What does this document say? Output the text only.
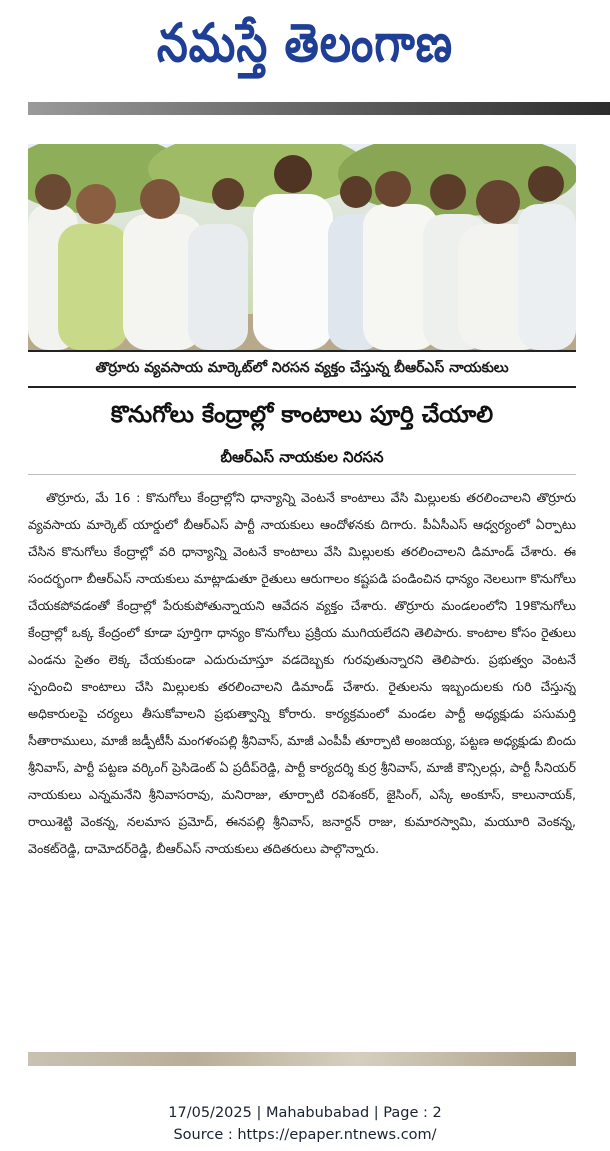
నమస్తే తెలంగాణ
తొర్రూరు వ్యవసాయ మార్కెట్‌లో నిరసన వ్యక్తం చేస్తున్న బీఆర్‌ఎస్‌ నాయకులు
కొనుగోలు కేంద్రాల్లో కాంటాలు పూర్తి చేయాలి
బీఆర్‌ఎస్‌ నాయకుల నిరసన
తొర్రూరు, మే 16 : కొనుగోలు కేంద్రాల్లోని ధాన్యాన్ని వెంటనే కాంటాలు వేసి మిల్లులకు తరలించాలని తొర్రూరు వ్యవసాయ మార్కెట్‌ యార్డులో బీఆర్‌ఎస్‌ పార్టీ నాయకులు ఆందోళనకు దిగారు. పీఏసీఎస్‌ ఆధ్వర్యంలో ఏర్పాటు చేసిన కొనుగోలు కేంద్రాల్లో వరి ధాన్యాన్ని వెంటనే కాంటాలు వేసి మిల్లులకు తరలించాలని డిమాండ్‌ చేశారు. ఈ సందర్భంగా బీఆర్‌ఎస్‌ నాయకులు మాట్లాడుతూ రైతులు ఆరుగాలం కష్టపడి పండించిన ధాన్యం నెలలుగా కొనుగోలు చేయకపోవడంతో కేంద్రాల్లో పేరుకుపోతున్నాయని ఆవేదన వ్యక్తం చేశారు. తొర్రూరు మండలంలోని 19కొనుగోలు కేంద్రాల్లో ఒక్క కేంద్రంలో కూడా పూర్తిగా ధాన్యం కొనుగోలు ప్రక్రియ ముగియలేదని తెలిపారు. కాంటాల కోసం రైతులు ఎండను సైతం లెక్క చేయకుండా ఎదురుచూస్తూ వడదెబ్బకు గురవుతున్నారని తెలిపారు. ప్రభుత్వం వెంటనే స్పందించి కాంటాలు చేసి మిల్లులకు తరలించాలని డిమాండ్‌ చేశారు. రైతులను ఇబ్బందులకు గురి చేస్తున్న అధికారులపై చర్యలు తీసుకోవాలని ప్రభుత్వాన్ని కోరారు. కార్యక్రమంలో మండల పార్టీ అధ్యక్షుడు పసుమర్తి సీతారాములు, మాజీ జడ్పీటీసీ మంగళంపల్లి శ్రీనివాస్‌, మాజీ ఎంపీపీ తూర్పాటి అంజయ్య, పట్టణ అధ్యక్షుడు బిందు శ్రీనివాస్‌, పార్టీ పట్టణ వర్కింగ్‌ ప్రెసిడెంట్‌ ఏ ప్రదీప్‌రెడ్డి, పార్టీ కార్యదర్శి కుర్ర శ్రీనివాస్‌, మాజీ కౌన్సిలర్లు, పార్టీ సీనియర్‌ నాయకులు ఎన్నమనేని శ్రీనివాసరావు, మనిరాజు, తూర్పాటి రవిశంకర్‌, జైసింగ్‌, ఎస్కే అంకూస్‌, కాలునాయక్‌, రాయిశెట్టి వెంకన్న, నలమాస ప్రమోద్‌, ఈనపల్లి శ్రీనివాస్‌, జనార్దన్‌ రాజు, కుమారస్వామి, మయూరి వెంకన్న, వెంకట్‌రెడ్డి, దామోదర్‌రెడ్డి, బీఆర్‌ఎస్‌ నాయకులు తదితరులు పాల్గొన్నారు.
17/05/2025 | Mahabubabad | Page : 2
Source : https://epaper.ntnews.com/
